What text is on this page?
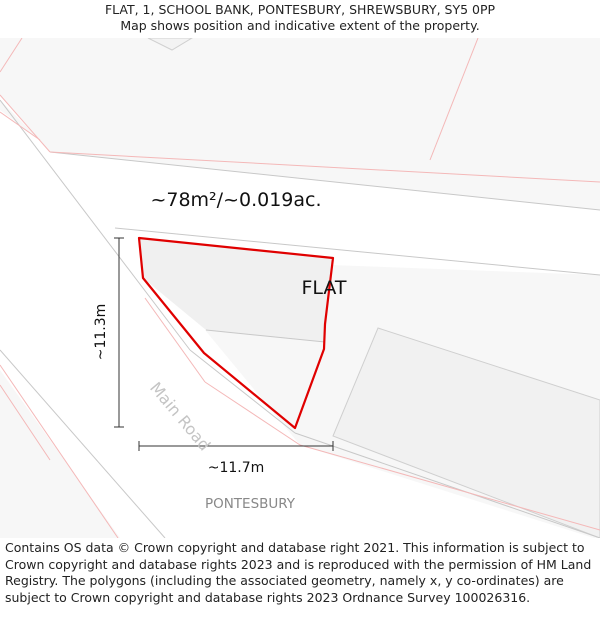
FLAT, 1, SCHOOL BANK, PONTESBURY, SHREWSBURY, SY5 0PP
Map shows position and indicative extent of the property.
~78m²/~0.019ac.
FLAT
~11.3m
~11.7m
Main Road
PONTESBURY
Contains OS data © Crown copyright and database right 2021. This information is subject to Crown copyright and database rights 2023 and is reproduced with the permission of HM Land Registry. The polygons (including the associated geometry, namely x, y co-ordinates) are subject to Crown copyright and database rights 2023 Ordnance Survey 100026316.
